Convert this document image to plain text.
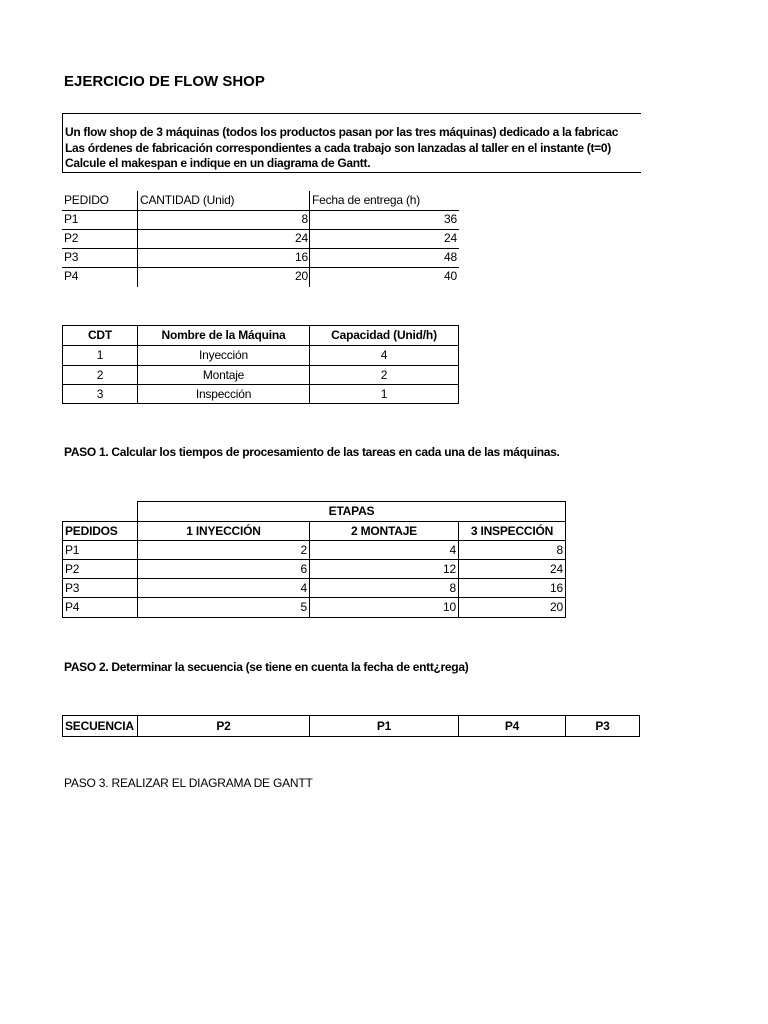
EJERCICIO DE FLOW SHOP
Un flow shop de 3 máquinas (todos los productos pasan por las tres máquinas) dedicado a la fabricac
Las órdenes de fabricación correspondientes a cada trabajo son lanzadas al taller en el instante (t=0)
Calcule el makespan e indique en un diagrama de Gantt.
PEDIDO	CANTIDAD (Unid)	Fecha de entrega (h)
P1	8	36
P2	24	24
P3	16	48
P4	20	40
CDT	Nombre de la Máquina	Capacidad (Unid/h)
1	Inyección	4
2	Montaje	2
3	Inspección	1
PASO 1. Calcular los tiempos de procesamiento de las tareas en cada una de las máquinas.
ETAPAS
PEDIDOS	1 INYECCIÓN	2 MONTAJE	3 INSPECCIÓN
P1	2	4	8
P2	6	12	24
P3	4	8	16
P4	5	10	20
PASO 2. Determinar la secuencia (se tiene en cuenta la fecha de entt¿rega)
SECUENCIA	P2	P1	P4	P3
PASO 3. REALIZAR EL DIAGRAMA DE GANTT
